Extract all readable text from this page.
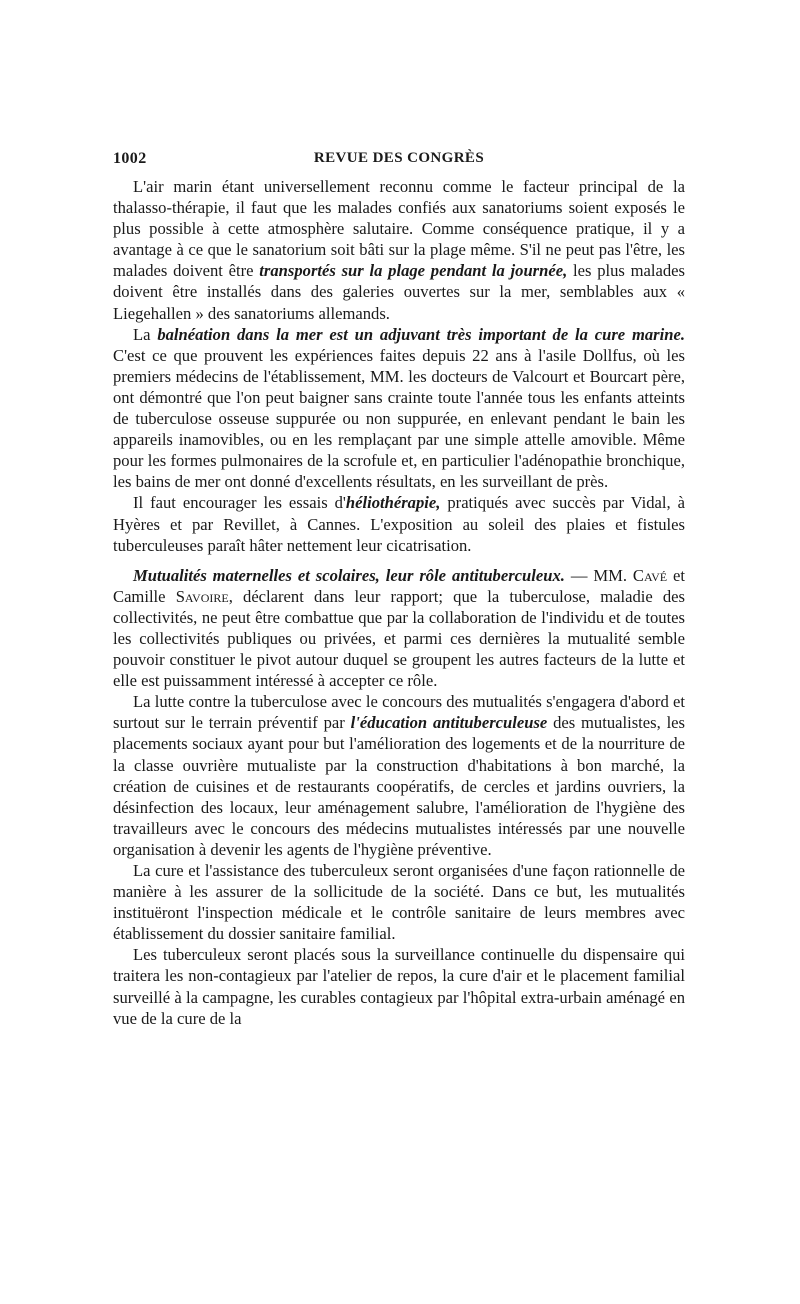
1002	REVUE DES CONGRÈS

L'air marin étant universellement reconnu comme le facteur principal de la thalasso-thérapie, il faut que les malades confiés aux sanatoriums soient exposés le plus possible à cette atmosphère salutaire. Comme conséquence pratique, il y a avantage à ce que le sanatorium soit bâti sur la plage même. S'il ne peut pas l'être, les malades doivent être transportés sur la plage pendant la journée, les plus malades doivent être installés dans des galeries ouvertes sur la mer, semblables aux « Liegehallen » des sanatoriums allemands.

La balnéation dans la mer est un adjuvant très important de la cure marine. C'est ce que prouvent les expériences faites depuis 22 ans à l'asile Dollfus, où les premiers médecins de l'établissement, MM. les docteurs de Valcourt et Bourcart père, ont démontré que l'on peut baigner sans crainte toute l'année tous les enfants atteints de tuberculose osseuse suppurée ou non suppurée, en enlevant pendant le bain les appareils inamovibles, ou en les remplaçant par une simple attelle amovible. Même pour les formes pulmonaires de la scrofule et, en particulier l'adénopathie bronchique, les bains de mer ont donné d'excellents résultats, en les surveillant de près.

Il faut encourager les essais d'héliothérapie, pratiqués avec succès par Vidal, à Hyères et par Revillet, à Cannes. L'exposition au soleil des plaies et fistules tuberculeuses paraît hâter nettement leur cicatrisation.

Mutualités maternelles et scolaires, leur rôle antituberculeux. — MM. Cavé et Camille Savoire, déclarent dans leur rapport; que la tuberculose, maladie des collectivités, ne peut être combattue que par la collaboration de l'individu et de toutes les collectivités publiques ou privées, et parmi ces dernières la mutualité semble pouvoir constituer le pivot autour duquel se groupent les autres facteurs de la lutte et elle est puissamment intéressé à accepter ce rôle.

La lutte contre la tuberculose avec le concours des mutualités s'engagera d'abord et surtout sur le terrain préventif par l'éducation antituberculeuse des mutualistes, les placements sociaux ayant pour but l'amélioration des logements et de la nourriture de la classe ouvrière mutualiste par la construction d'habitations à bon marché, la création de cuisines et de restaurants coopératifs, de cercles et jardins ouvriers, la désinfection des locaux, leur aménagement salubre, l'amélioration de l'hygiène des travailleurs avec le concours des médecins mutualistes intéressés par une nouvelle organisation à devenir les agents de l'hygiène préventive.

La cure et l'assistance des tuberculeux seront organisées d'une façon rationnelle de manière à les assurer de la sollicitude de la société. Dans ce but, les mutualités instituëront l'inspection médicale et le contrôle sanitaire de leurs membres avec établissement du dossier sanitaire familial.

Les tuberculeux seront placés sous la surveillance continuelle du dispensaire qui traitera les non-contagieux par l'atelier de repos, la cure d'air et le placement familial surveillé à la campagne, les curables contagieux par l'hôpital extra-urbain aménagé en vue de la cure de la
